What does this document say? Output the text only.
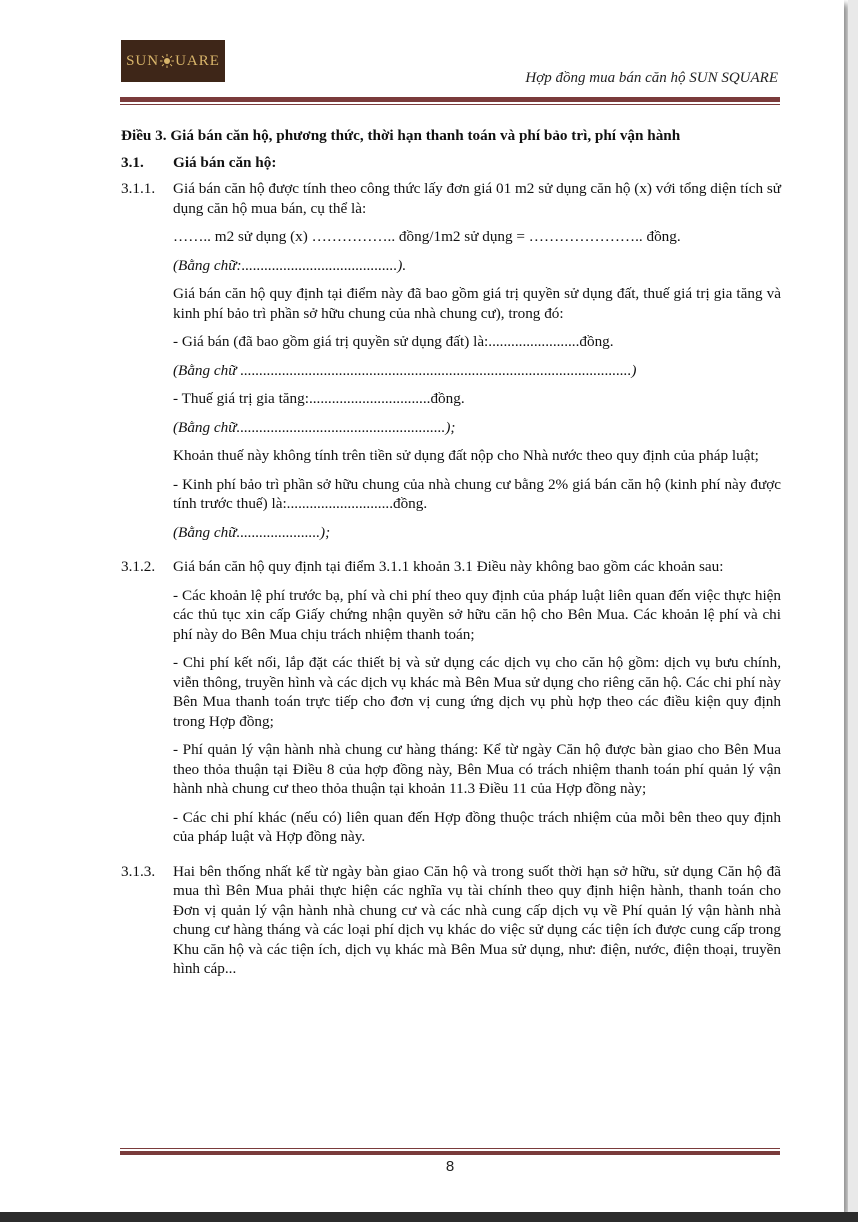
SUN UARE
Hợp đồng mua bán căn hộ SUN SQUARE
Điều 3. Giá bán căn hộ, phương thức, thời hạn thanh toán và phí bảo trì, phí vận hành
3.1.	Giá bán căn hộ:
3.1.1.	Giá bán căn hộ được tính theo công thức lấy đơn giá 01 m2 sử dụng căn hộ (x) với tổng diện tích sử dụng căn hộ mua bán, cụ thể là:

…….. m2 sử dụng (x) …………….. đồng/1m2 sử dụng = ………………….. đồng.

(Bằng chữ:.........................................).

Giá bán căn hộ quy định tại điểm này đã bao gồm giá trị quyền sử dụng đất, thuế giá trị gia tăng và kinh phí bảo trì phần sở hữu chung của nhà chung cư), trong đó:

- Giá bán (đã bao gồm giá trị quyền sử dụng đất) là:........................đồng.

(Bằng chữ .......................................................................................................)

- Thuế giá trị gia tăng:................................đồng.

(Bằng chữ.......................................................);

Khoản thuế này không tính trên tiền sử dụng đất nộp cho Nhà nước theo quy định của pháp luật;

- Kinh phí bảo trì phần sở hữu chung của nhà chung cư bằng 2% giá bán căn hộ (kinh phí này được tính trước thuế) là:............................đồng.

(Bằng chữ......................);

3.1.2.	Giá bán căn hộ quy định tại điểm 3.1.1 khoản 3.1 Điều này không bao gồm các khoản sau:

- Các khoản lệ phí trước bạ, phí và chi phí theo quy định của pháp luật liên quan đến việc thực hiện các thủ tục xin cấp Giấy chứng nhận quyền sở hữu căn hộ cho Bên Mua. Các khoản lệ phí và chi phí này do Bên Mua chịu trách nhiệm thanh toán;

- Chi phí kết nối, lắp đặt các thiết bị và sử dụng các dịch vụ cho căn hộ gồm: dịch vụ bưu chính, viễn thông, truyền hình và các dịch vụ khác mà Bên Mua sử dụng cho riêng căn hộ. Các chi phí này Bên Mua thanh toán trực tiếp cho đơn vị cung ứng dịch vụ phù hợp theo các điều kiện quy định trong Hợp đồng;

- Phí quản lý vận hành nhà chung cư hàng tháng: Kể từ ngày Căn hộ được bàn giao cho Bên Mua theo thỏa thuận tại Điều 8 của hợp đồng này, Bên Mua có trách nhiệm thanh toán phí quản lý vận hành nhà chung cư theo thỏa thuận tại khoản 11.3 Điều 11 của Hợp đồng này;

- Các chi phí khác (nếu có) liên quan đến Hợp đồng thuộc trách nhiệm của mỗi bên theo quy định của pháp luật và Hợp đồng này.

3.1.3.	Hai bên thống nhất kể từ ngày bàn giao Căn hộ và trong suốt thời hạn sở hữu, sử dụng Căn hộ đã mua thì Bên Mua phải thực hiện các nghĩa vụ tài chính theo quy định hiện hành, thanh toán cho Đơn vị quản lý vận hành nhà chung cư và các nhà cung cấp dịch vụ về Phí quản lý vận hành nhà chung cư hàng tháng và các loại phí dịch vụ khác do việc sử dụng các tiện ích được cung cấp trong Khu căn hộ và các tiện ích, dịch vụ khác mà Bên Mua sử dụng, như: điện, nước, điện thoại, truyền hình cáp...

8
